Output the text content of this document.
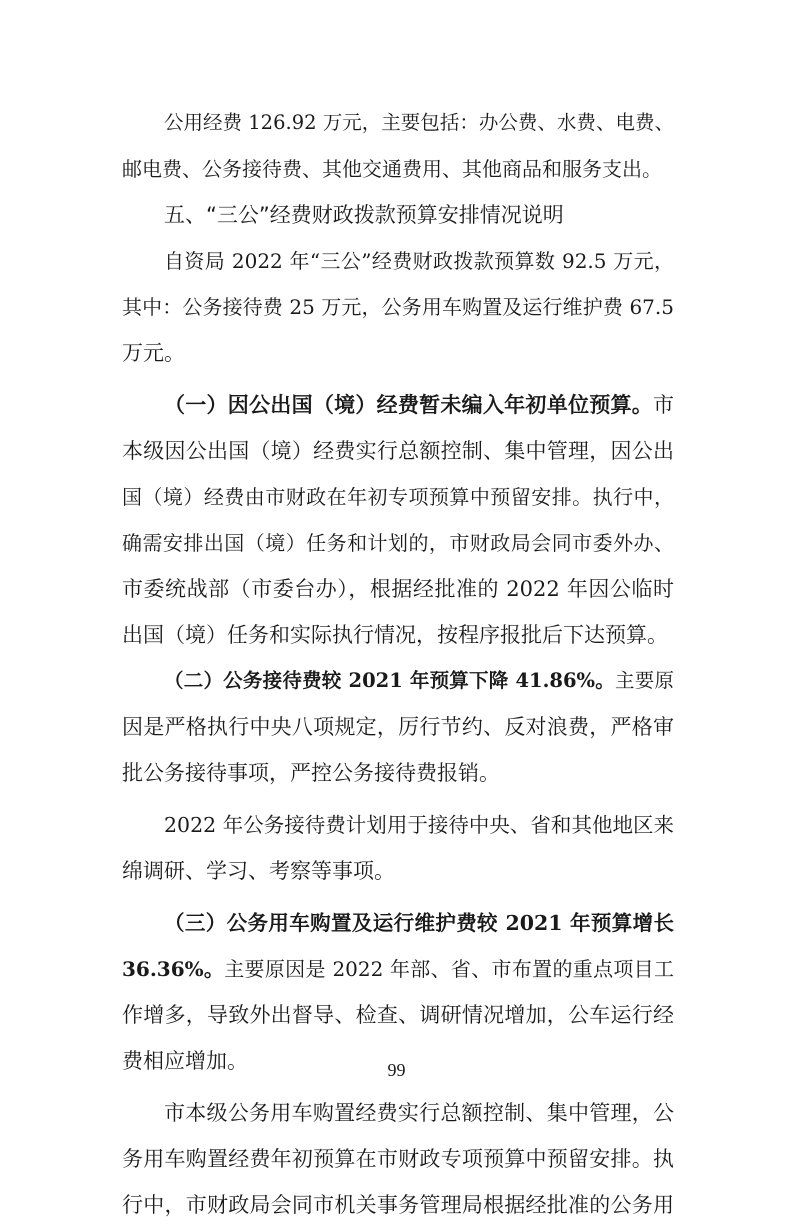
公用经费 126.92 万元，主要包括：办公费、水费、电费、
邮电费、公务接待费、其他交通费用、其他商品和服务支出。
五、“三公”经费财政拨款预算安排情况说明
自资局 2022 年“三公”经费财政拨款预算数 92.5 万元，
其中：公务接待费 25 万元，公务用车购置及运行维护费 67.5
万元。
（一）因公出国（境）经费暂未编入年初单位预算。市
本级因公出国（境）经费实行总额控制、集中管理，因公出
国（境）经费由市财政在年初专项预算中预留安排。执行中，
确需安排出国（境）任务和计划的，市财政局会同市委外办、
市委统战部（市委台办），根据经批准的 2022 年因公临时
出国（境）任务和实际执行情况，按程序报批后下达预算。
（二）公务接待费较 2021 年预算下降 41.86%。主要原
因是严格执行中央八项规定，厉行节约、反对浪费，严格审
批公务接待事项，严控公务接待费报销。
2022 年公务接待费计划用于接待中央、省和其他地区来
绵调研、学习、考察等事项。
（三）公务用车购置及运行维护费较 2021 年预算增长
36.36%。主要原因是 2022 年部、省、市布置的重点项目工
作增多，导致外出督导、检查、调研情况增加，公车运行经
费相应增加。
市本级公务用车购置经费实行总额控制、集中管理，公
务用车购置经费年初预算在市财政专项预算中预留安排。执
行中，市财政局会同市机关事务管理局根据经批准的公务用
99
